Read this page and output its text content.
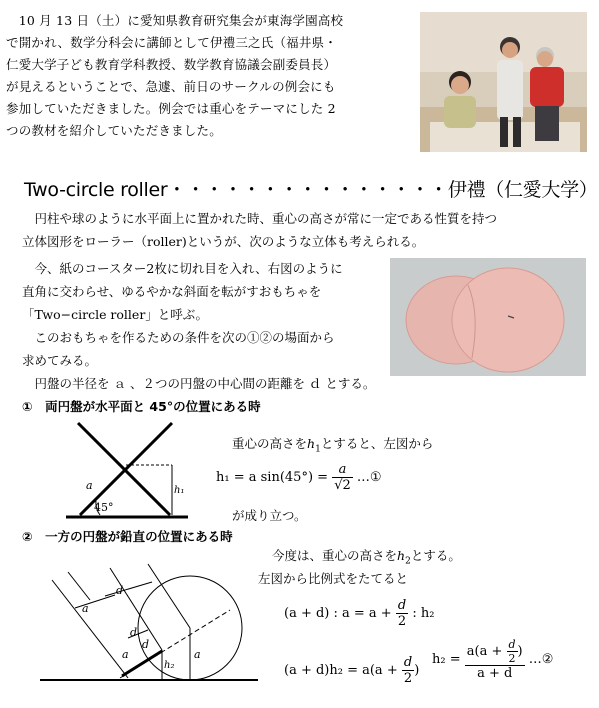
　10 月 13 日（土）に愛知県教育研究集会が東海学園高校

で開かれ、数学分科会に講師として伊禮三之氏（福井県・

仁愛大学子ども教育学科教授、数学教育協議会副委員長）

が見えるということで、急遽、前日のサークルの例会にも

参加していただきました。例会では重心をテーマにした 2

つの教材を紹介していただきました。

Two-circle roller・・・・・・・・・・・・・・・伊禮（仁愛大学）
　円柱や球のように水平面上に置かれた時、重心の高さが常に一定である性質を持つ
立体図形をローラー（roller)というが、次のような立体も考えられる。
　今、紙のコースター2枚に切れ目を入れ、右図のように
直角に交わらせ、ゆるやかな斜面を転がすおもちゃを
「Two−circle roller」と呼ぶ。
　このおもちゃを作るための条件を次の①②の場面から
求めてみる。
　円盤の半径を ａ 、２つの円盤の中心間の距離を ｄ とする。
①　両円盤が水平面と 45°の位置にある時
a
45°
h₁
重心の高さを$h_1$とすると、左図から
h₁ = a $\sin(45^\circ) = \frac{a}{√2}$ …①
が成り立つ。
②　一方の円盤が鉛直の位置にある時
a
d
a
d
d
h₂
a
今度は、重心の高さを$h_2$とする。
左図から比例式をたてると
(a + d) : $a = a + \frac{d}{2}$ : h₂
$(a + d)h_2 = a(a + \frac{d}{2}$ )
$h_2 = \frac{a(a + \frac{d}{2} )}{a + d}$ …②
